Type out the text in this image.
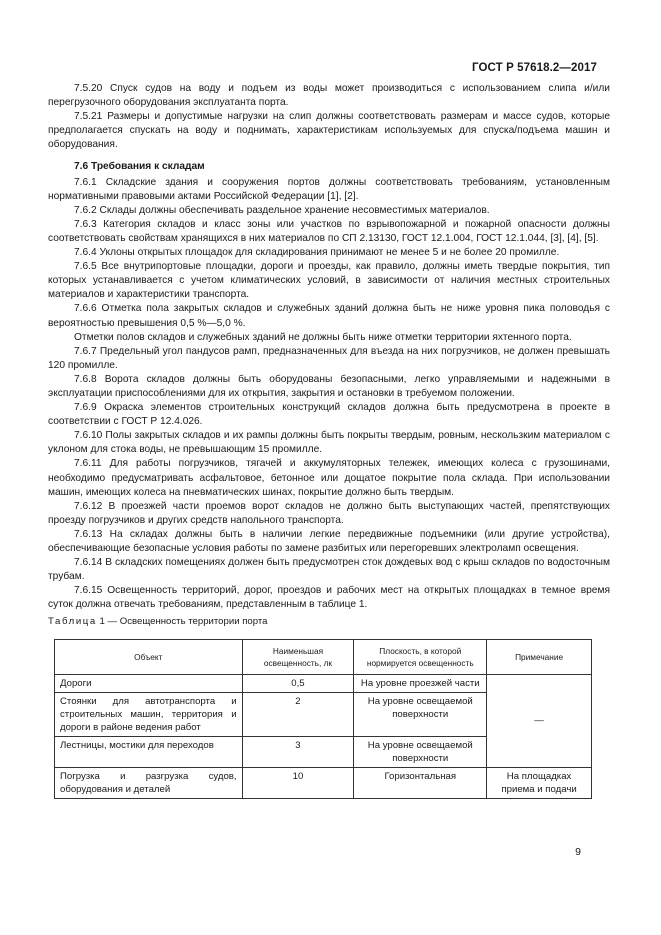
ГОСТ Р 57618.2—2017

7.5.20 Спуск судов на воду и подъем из воды может производиться с использованием слипа и/или перегрузочного оборудования эксплуатанта порта.

7.5.21 Размеры и допустимые нагрузки на слип должны соответствовать размерам и массе судов, которые предполагается спускать на воду и поднимать, характеристикам используемых для спуска/подъема машин и оборудования.

7.6 Требования к складам

7.6.1 Складские здания и сооружения портов должны соответствовать требованиям, установленным нормативными правовыми актами Российской Федерации [1], [2].

7.6.2 Склады должны обеспечивать раздельное хранение несовместимых материалов.

7.6.3 Категория складов и класс зоны или участков по взрывопожарной и пожарной опасности должны соответствовать свойствам хранящихся в них материалов по СП 2.13130, ГОСТ 12.1.004, ГОСТ 12.1.044, [3], [4], [5].

7.6.4 Уклоны открытых площадок для складирования принимают не менее 5 и не более 20 промилле.

7.6.5 Все внутрипортовые площадки, дороги и проезды, как правило, должны иметь твердые покрытия, тип которых устанавливается с учетом климатических условий, в зависимости от наличия местных строительных материалов и характеристики транспорта.

7.6.6 Отметка пола закрытых складов и служебных зданий должна быть не ниже уровня пика половодья с вероятностью превышения 0,5 %—5,0 %.

Отметки полов складов и служебных зданий не должны быть ниже отметки территории яхтенного порта.

7.6.7 Предельный угол пандусов рамп, предназначенных для въезда на них погрузчиков, не должен превышать 120 промилле.

7.6.8 Ворота складов должны быть оборудованы безопасными, легко управляемыми и надежными в эксплуатации приспособлениями для их открытия, закрытия и остановки в требуемом положении.

7.6.9 Окраска элементов строительных конструкций складов должна быть предусмотрена в проекте в соответствии с ГОСТ Р 12.4.026.

7.6.10 Полы закрытых складов и их рампы должны быть покрыты твердым, ровным, нескользким материалом с уклоном для стока воды, не превышающим 15 промилле.

7.6.11 Для работы погрузчиков, тягачей и аккумуляторных тележек, имеющих колеса с грузошинами, необходимо предусматривать асфальтовое, бетонное или дощатое покрытие пола склада. При использовании машин, имеющих колеса на пневматических шинах, покрытие должно быть твердым.

7.6.12 В проезжей части проемов ворот складов не должно быть выступающих частей, препятствующих проезду погрузчиков и других средств напольного транспорта.

7.6.13 На складах должны быть в наличии легкие передвижные подъемники (или другие устройства), обеспечивающие безопасные условия работы по замене разбитых или перегоревших электроламп освещения.

7.6.14 В складских помещениях должен быть предусмотрен сток дождевых вод с крыш складов по водосточным трубам.

7.6.15 Освещенность территорий, дорог, проездов и рабочих мест на открытых площадках в темное время суток должна отвечать требованиям, представленным в таблице 1.

Таблица 1 — Освещенность территории порта
Объект	Наименьшая освещенность, лк	Плоскость, в которой нормируется освещенность	Примечание
Дороги	0,5	На уровне проезжей части	—
Стоянки для автотранспорта и строительных машин, территория и дороги в районе ведения работ	2	На уровне освещаемой поверхности	
Лестницы, мостики для переходов	3	На уровне освещаемой поверхности	
Погрузка и разгрузка судов, оборудования и деталей	10	Горизонтальная	На площадках приема и подачи
9
